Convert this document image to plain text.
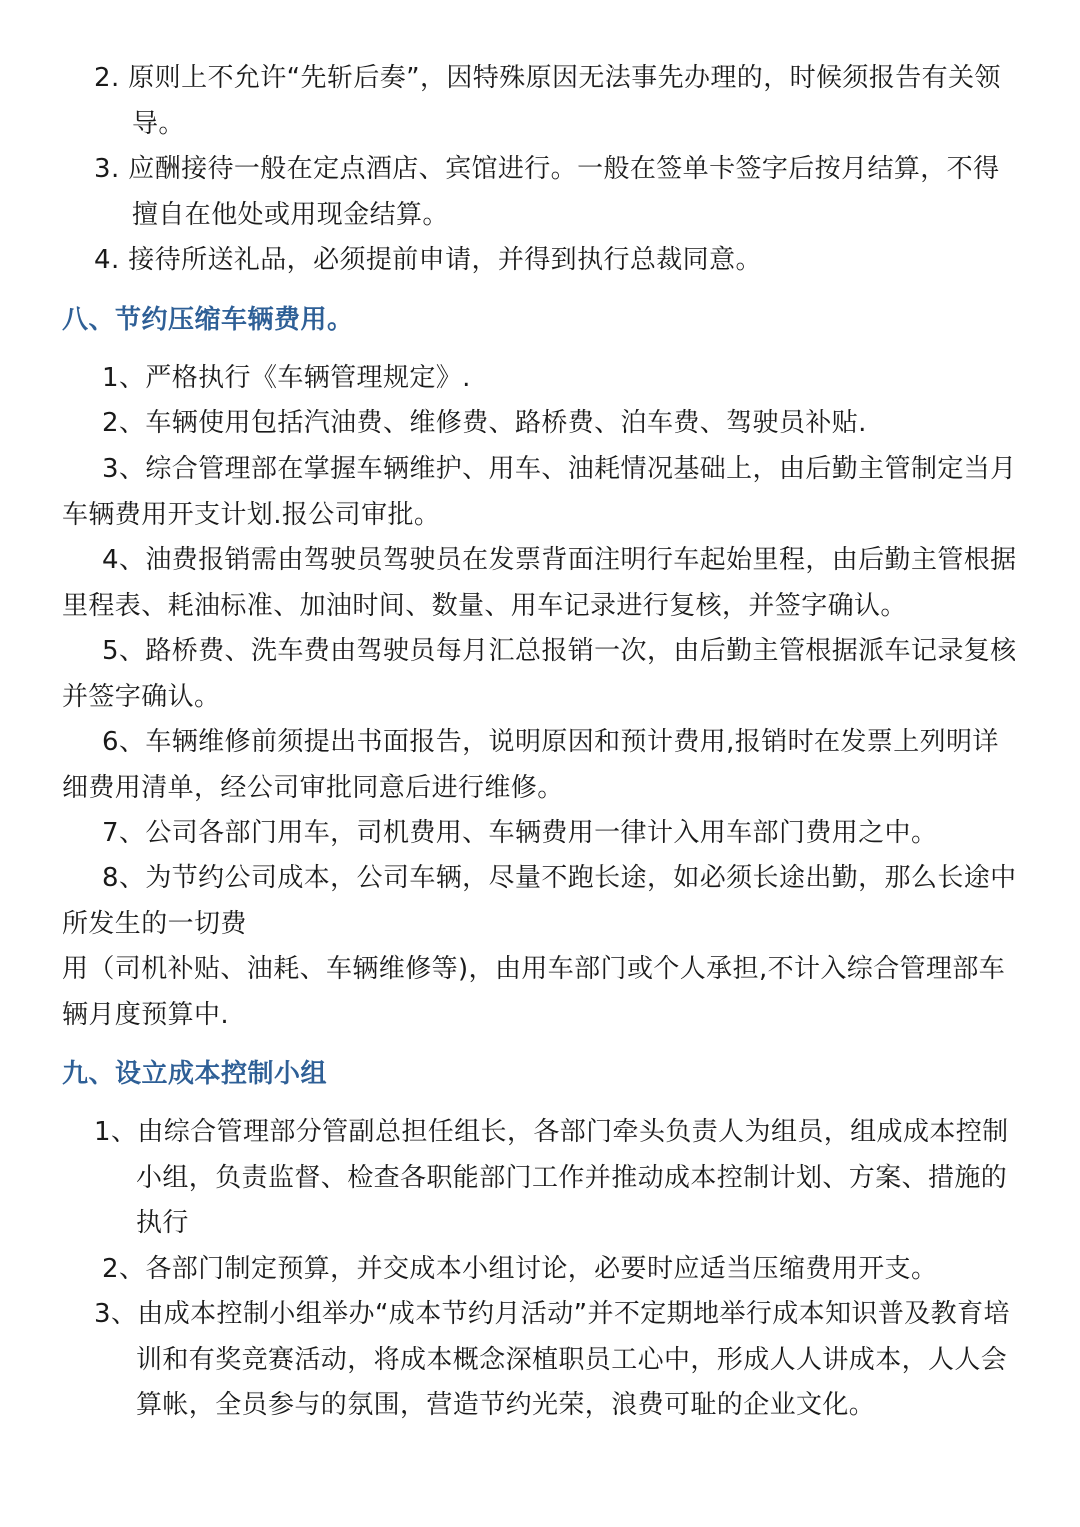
2. 原则上不允许“先斩后奏”，因特殊原因无法事先办理的，时候须报告有关领导。

3. 应酬接待一般在定点酒店、宾馆进行。一般在签单卡签字后按月结算，不得擅自在他处或用现金结算。

4. 接待所送礼品，必须提前申请，并得到执行总裁同意。

八、节约压缩车辆费用。

1、严格执行《车辆管理规定》.

2、车辆使用包括汽油费、维修费、路桥费、泊车费、驾驶员补贴.

3、综合管理部在掌握车辆维护、用车、油耗情况基础上，由后勤主管制定当月车辆费用开支计划.报公司审批。

4、油费报销需由驾驶员驾驶员在发票背面注明行车起始里程，由后勤主管根据里程表、耗油标准、加油时间、数量、用车记录进行复核，并签字确认。

5、路桥费、洗车费由驾驶员每月汇总报销一次，由后勤主管根据派车记录复核并签字确认。

6、车辆维修前须提出书面报告，说明原因和预计费用,报销时在发票上列明详细费用清单，经公司审批同意后进行维修。

7、公司各部门用车，司机费用、车辆费用一律计入用车部门费用之中。

8、为节约公司成本，公司车辆，尽量不跑长途，如必须长途出勤，那么长途中所发生的一切费

用（司机补贴、油耗、车辆维修等)，由用车部门或个人承担,不计入综合管理部车辆月度预算中.

九、设立成本控制小组

1、由综合管理部分管副总担任组长，各部门牵头负责人为组员，组成成本控制小组，负责监督、检查各职能部门工作并推动成本控制计划、方案、措施的执行

2、各部门制定预算，并交成本小组讨论，必要时应适当压缩费用开支。

3、由成本控制小组举办“成本节约月活动”并不定期地举行成本知识普及教育培训和有奖竞赛活动，将成本概念深植职员工心中，形成人人讲成本，人人会算帐，全员参与的氛围，营造节约光荣，浪费可耻的企业文化。
